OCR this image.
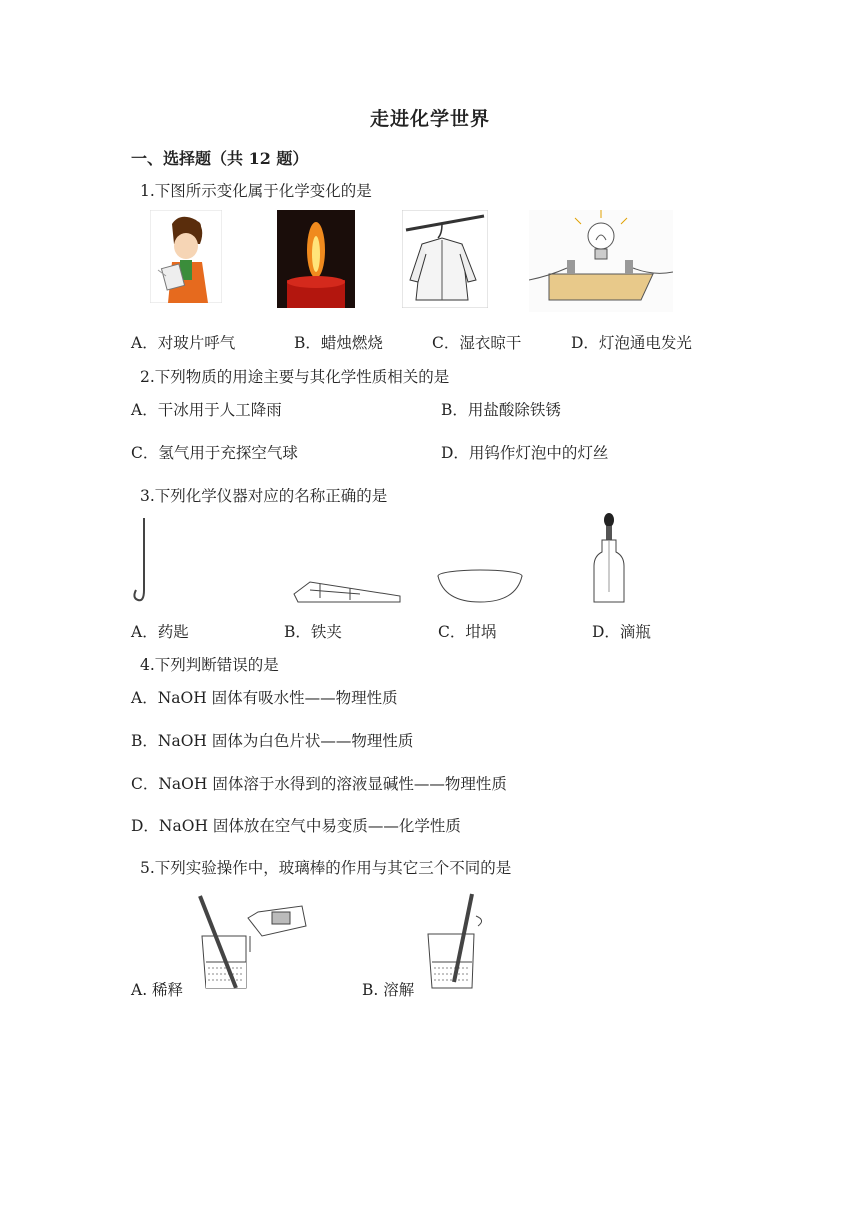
走进化学世界
一、选择题（共 12 题）
1.下图所示变化属于化学变化的是
A．对玻片呼气	B．蜡烛燃烧	C．湿衣晾干	D．灯泡通电发光
2.下列物质的用途主要与其化学性质相关的是
A．干冰用于人工降雨	B．用盐酸除铁锈
C．氢气用于充探空气球	D．用钨作灯泡中的灯丝
3.下列化学仪器对应的名称正确的是
A．药匙	B．铁夹	C．坩埚	D．滴瓶
4.下列判断错误的是
A．NaOH 固体有吸水性——物理性质
B．NaOH 固体为白色片状——物理性质
C．NaOH 固体溶于水得到的溶液显碱性——物理性质
D．NaOH 固体放在空气中易变质——化学性质
5.下列实验操作中，玻璃棒的作用与其它三个不同的是
A. 稀释	B. 溶解
